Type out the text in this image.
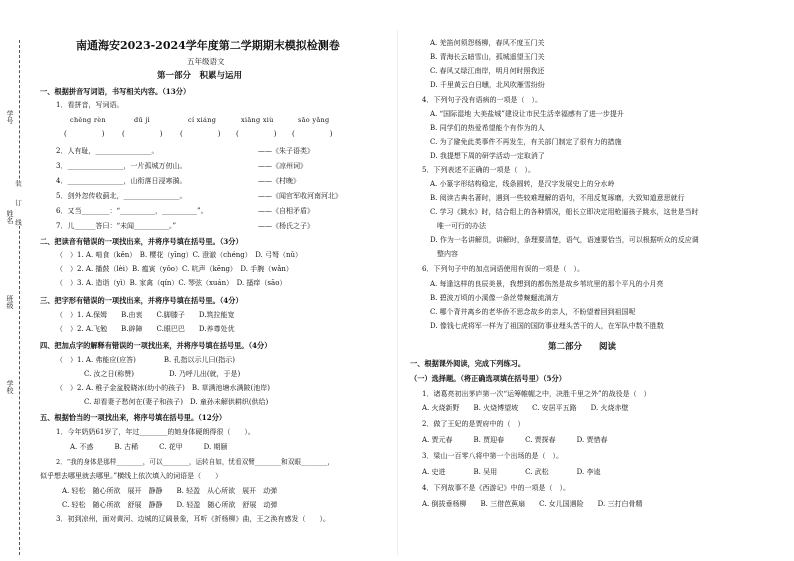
学校
班级
姓名
学号
装　　订　　线
南通海安2023-2024学年度第二学期期末模拟检测卷
五年级语文
第一部分　积累与运用
一、根据拼音写词语，书写相关内容。（13分）
1．看拼音，写词语。
chěng rèn	dū jì	cí xiáng	xiāng xiù	sāo yǎng
(　　　　　)	(　　　　　)	(　　　　　) (　　　　　) (　　　　　)
2．人有耻，________________。	——《朱子语类》
3．________________，一片孤城万仞山。	——《凉州词》
4．________________，山衔落日浸寒漪。	——《村晚》
5．剑外忽传收蓟北，________________。	——《闻官军收河南河北》
6．又当________：“__________，__________”。	——《自相矛盾》
7．儿______答曰：“未闻__________。”	——《杨氏之子》
二、把读音有错误的一项找出来，并将序号填在括号里。（3分）
（　）1. A. 啃食（kěn）　B. 樱花（yīng）C. 澄澈（chéng）　D. 弓弩（nǔ）
（　）2. A. 播鼓（lèi）B. 瘟寅（yǒo）C. 吭声（kēng）　D. 手腕（wǎn）
（　）3. A. 造诣（yì）B. 家禽（qín）C. 琴弦（xuán）　D. 搔痒（sāo）
三、把字形有错误的一项找出来，并将序号填在括号里。（4分）
（　）1. A.保姆　　B.由衷　　C.脚膝子　　D.筑拉能宽
（　）2. A.飞勉　　B.辟障　　C.眼巴巴　　D.养尊处优
四、把加点字的解释有错误的一项找出来，并将序号填在括号里。（4分）
（　）1. A. 弗能应(应答)　　　　B. 孔指以示儿曰(指示)
　　　　C. 汝之日(称赞)　　　　　D. 乃呼儿出(就，于是)
（　）2. A. 稚子金盆脱晓冰(幼小的孩子)　B. 草满池塘水满陂(池岸)
　　　　C. 却看妻子愁何在(妻子和孩子)　D. 童孙未解供耕织(供给)
五、根据恰当的一项找出来，将序号填在括号里。（12分）
1．今年奶奶61岁了，年过________的她身体硬朗得很（　　）。
A. 不惑　　　B. 古稀　　　C. 花甲　　　D. 期颐
2．“我的身体是那样________，可以________，运转自如，忧看双臂________和双眼________，
似乎想去哪里就去哪里。”横线上依次填入的词语是（　　）
A. 轻松　随心所欲　展开　静静　　B. 轻盈　从心所欲　展开　动弹
C. 轻松　随心所欲　舒展　静静　　D. 轻盈　随心所欲　舒展　动弹
3．初到凉州，面对黄河、边城的辽阔景象，耳听《折杨柳》曲，王之涣有感发（　　）。
A. 羌笛何须怨杨柳，春风不度玉门关
B. 青海长云暗雪山，孤城遥望玉门关
C. 春风又绿江南岸，明月何时照我还
D. 千里黄云白日曛，北风吹雁雪纷纷
4．下列句子没有语病的一项是（　）。
A. “国际湿地 大美盐城”建设让市民生活幸福感有了进一步提升
B. 同学们的热爱希望能个有作为的人
C. 为了避免此类事件不再发生，有关部门制定了很有力的措施
D. 我提想下周的研学活动一定取消了
5．下列表述不正确的一项是（　）。
A. 小篆字形结构稳定，线条圆转，是汉字发展史上的分水岭
B. 阅读古典名著时，遇到一些较难理解的语句，不用反复琢磨，大致知道意思就行
C. 学习《跳水》时，结合组上的各种情况，船长立即决定用枪逼孩子跳水，这世是当时
　唯一可行的办法
D. 作为一名讲解员，讲解时，条理要清楚，语气，语速要恰当，可以根据听众的反应调
　整内容
6．下列句子中的加点词语使用有误的一项是（　）。
A. 每逢这样的良辰美景，我想到的都伤然是故乡苇坑里的那个平凡的小月亮
B. 碧波万顷的小溪像一条丝带蜿蜒流淌方
C. 哪个背井离乡的老华侨不思念故乡的亲人，不盼望着回到祖国呢
D. 像钱七虎将军一样为了祖国的国防事业埋头苦干的人，在军队中数不胜数
第二部分　　阅读
一、根据课外阅读，完成下列练习。
（一）选择题。（将正确选项填在括号里）（5分）
1．诸葛亮初出茅庐第一次“运筹帷幄之中，决胜千里之外”的战役是（　）
A. 火烧新野　　B. 火烧博望坡　　C. 安居平五路　　D. 火烧赤壁
2．做了王妃的是贾府中的（　）
A. 贾元春　　　B. 贾迎春　　　C. 贾探春　　　D. 贾惜春
3．梁山一百零八将中第一个出场的是（　）。
A. 史进　　　　B. 吴用　　　　C. 武松　　　　D. 李逵
4．下列故事不是《西游记》中的一项是（　）。
A. 倒拔垂杨柳　　B. 三借芭蕉扇　　C. 女儿国遇险　　D. 三打白骨精
